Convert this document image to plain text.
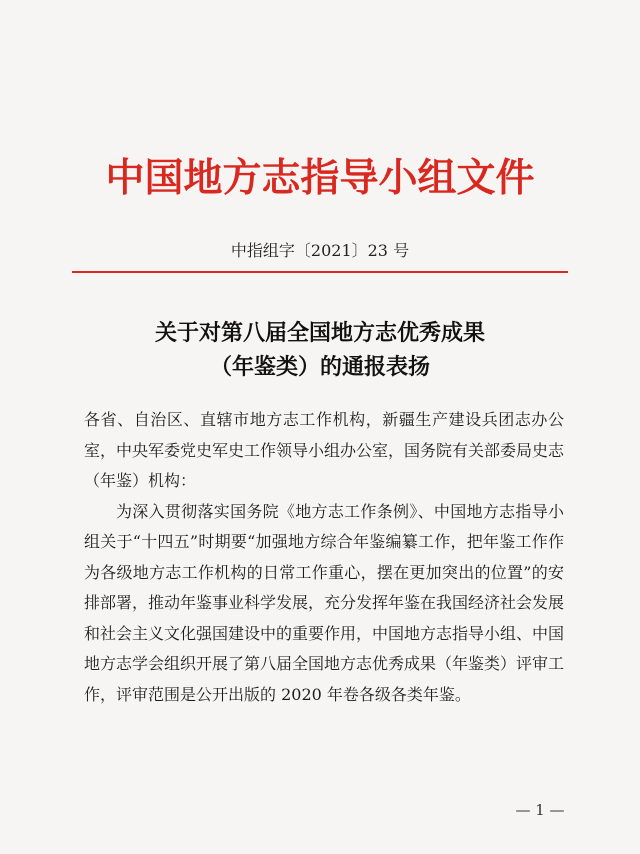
中国地方志指导小组文件
中指组字〔2021〕23 号
关于对第八届全国地方志优秀成果
（年鉴类）的通报表扬

各省、自治区、直辖市地方志工作机构，新疆生产建设兵团志办公室，中央军委党史军史工作领导小组办公室，国务院有关部委局史志（年鉴）机构：

为深入贯彻落实国务院《地方志工作条例》、中国地方志指导小组关于“十四五”时期要“加强地方综合年鉴编纂工作，把年鉴工作作为各级地方志工作机构的日常工作重心，摆在更加突出的位置”的安排部署，推动年鉴事业科学发展，充分发挥年鉴在我国经济社会发展和社会主义文化强国建设中的重要作用，中国地方志指导小组、中国地方志学会组织开展了第八届全国地方志优秀成果（年鉴类）评审工作，评审范围是公开出版的 2020 年卷各级各类年鉴。

— 1 —
